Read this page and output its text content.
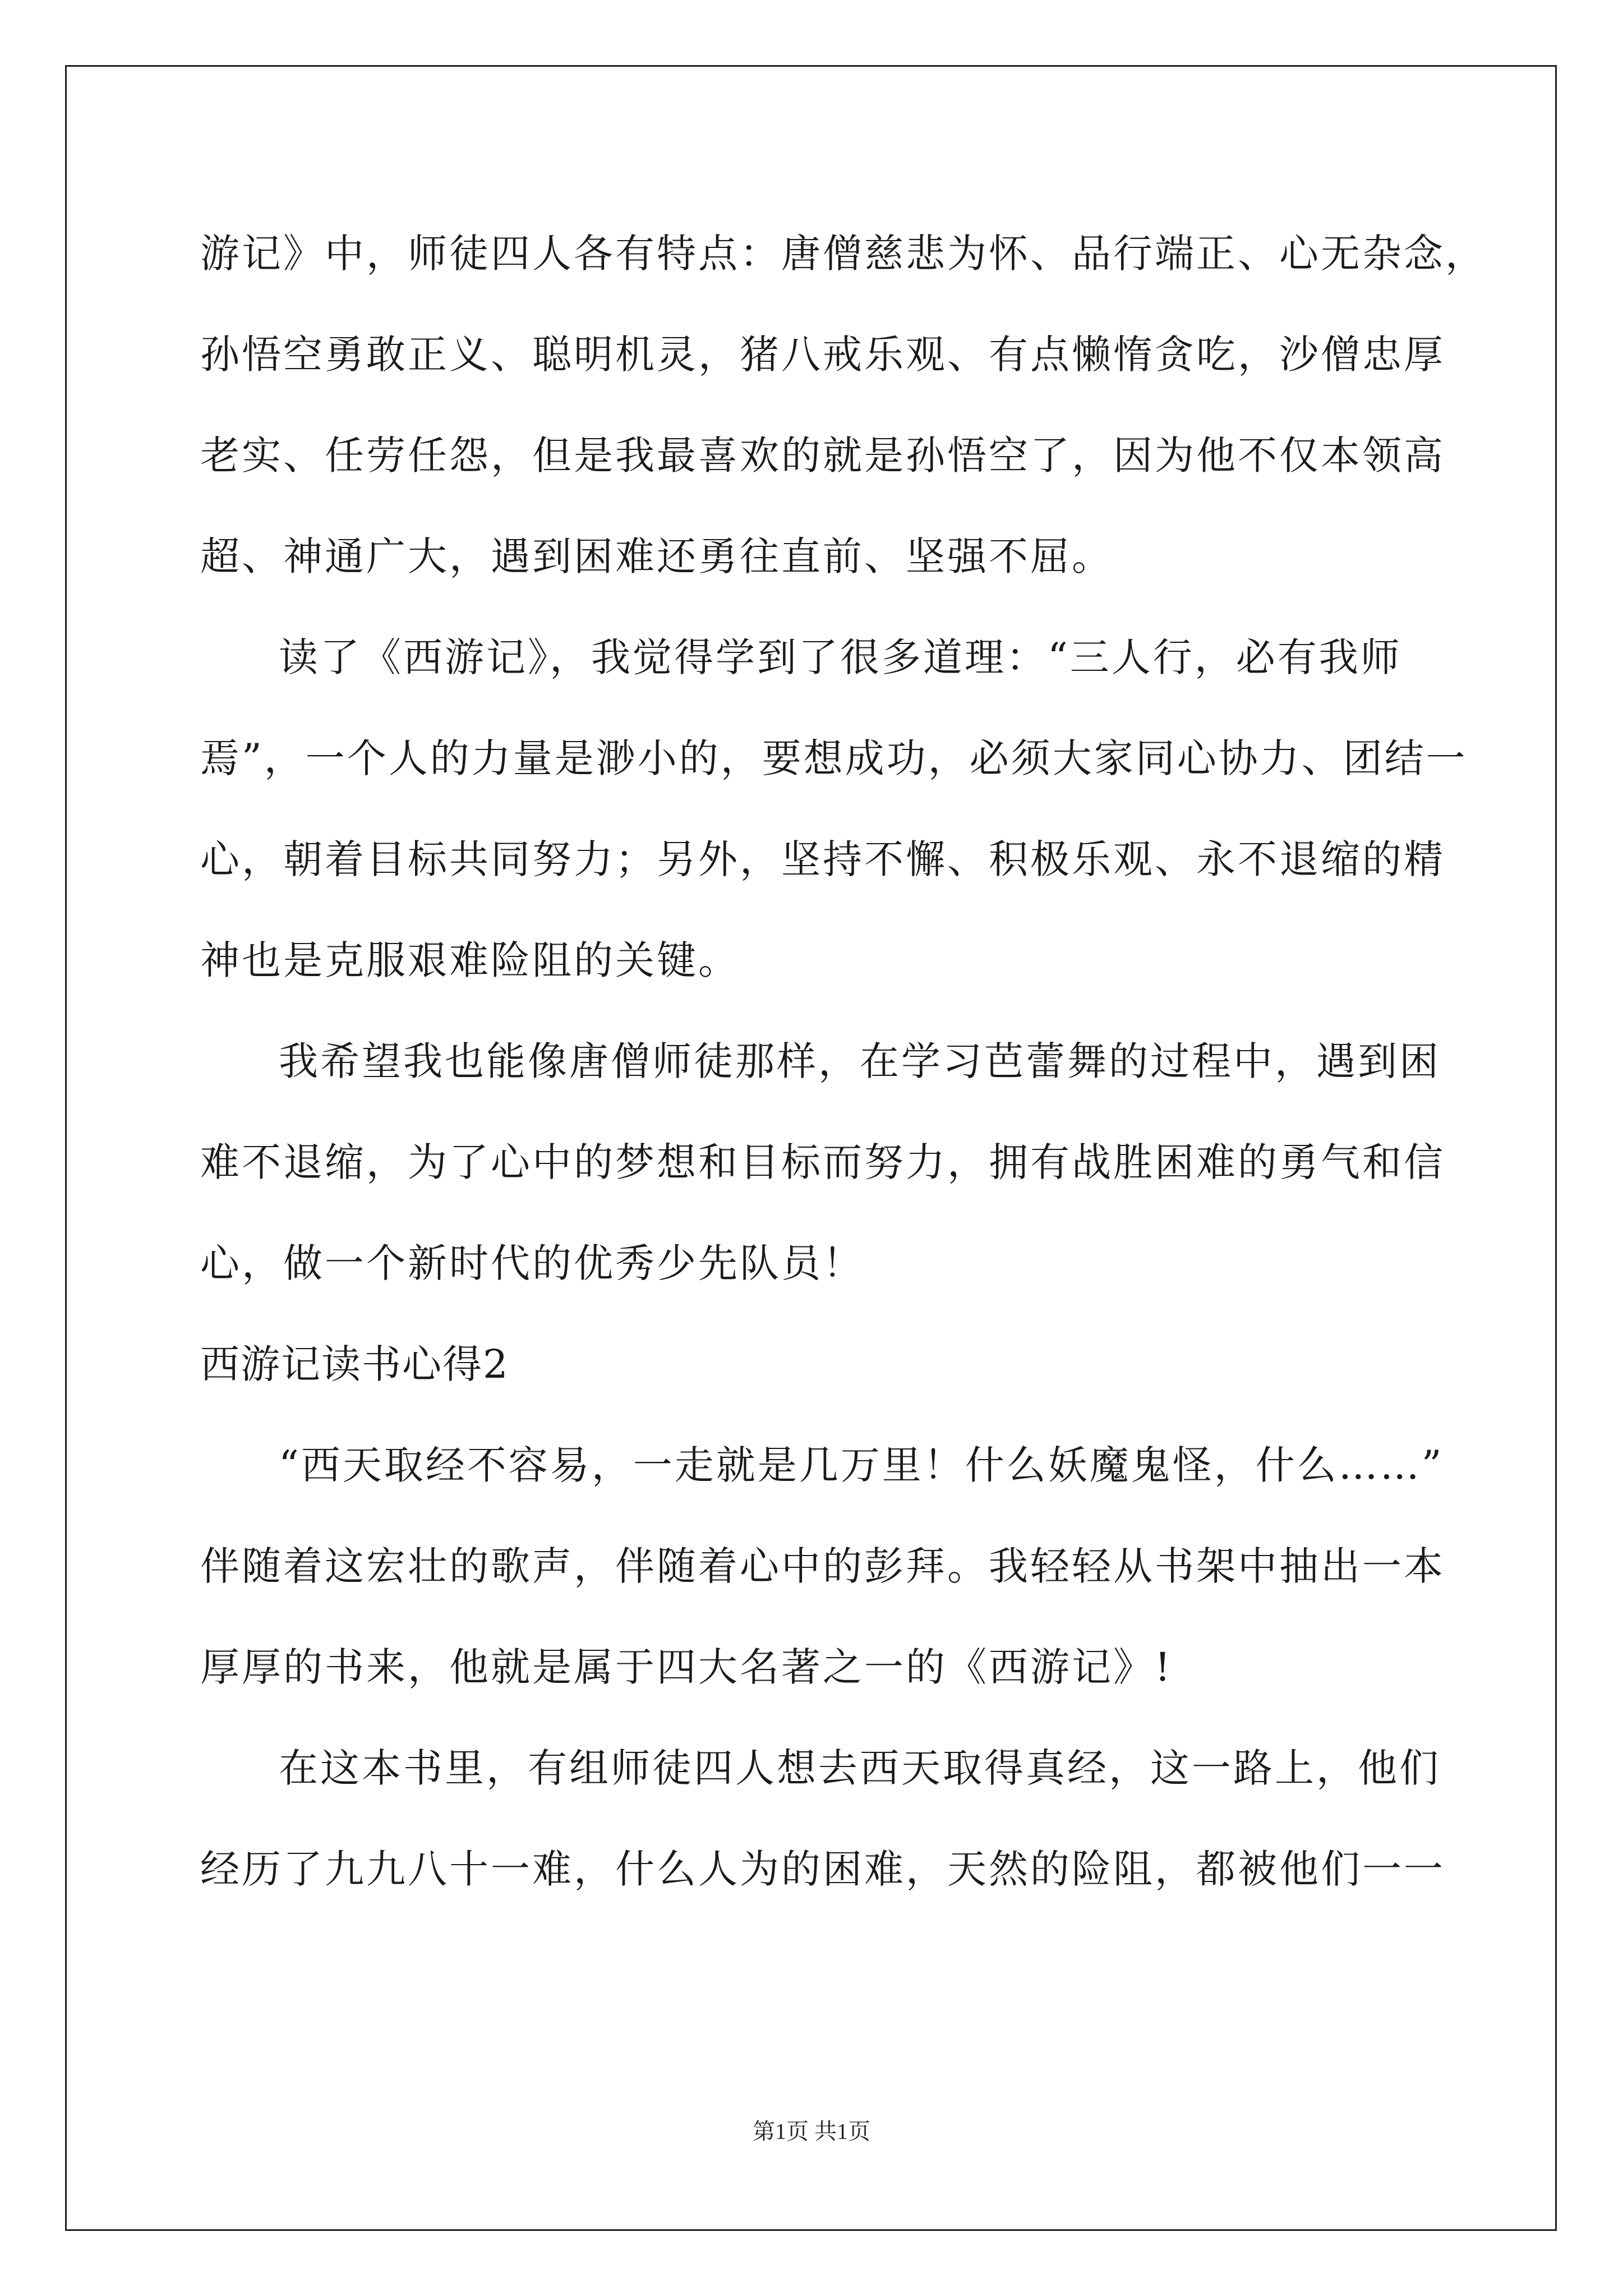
游记》中，师徒四人各有特点：唐僧慈悲为怀、品行端正、心无杂念，
孙悟空勇敢正义、聪明机灵，猪八戒乐观、有点懒惰贪吃，沙僧忠厚
老实、任劳任怨，但是我最喜欢的就是孙悟空了，因为他不仅本领高
超、神通广大，遇到困难还勇往直前、坚强不屈。
读了《西游记》，我觉得学到了很多道理：“三人行，必有我师
焉”，一个人的力量是渺小的，要想成功，必须大家同心协力、团结一
心，朝着目标共同努力；另外，坚持不懈、积极乐观、永不退缩的精
神也是克服艰难险阻的关键。
我希望我也能像唐僧师徒那样，在学习芭蕾舞的过程中，遇到困
难不退缩，为了心中的梦想和目标而努力，拥有战胜困难的勇气和信
心，做一个新时代的优秀少先队员！
西游记读书心得2
“西天取经不容易，一走就是几万里！什么妖魔鬼怪，什么……”
伴随着这宏壮的歌声，伴随着心中的彭拜。我轻轻从书架中抽出一本
厚厚的书来，他就是属于四大名著之一的《西游记》!
在这本书里，有组师徒四人想去西天取得真经，这一路上，他们
经历了九九八十一难，什么人为的困难，天然的险阻，都被他们一一
第1页 共1页
